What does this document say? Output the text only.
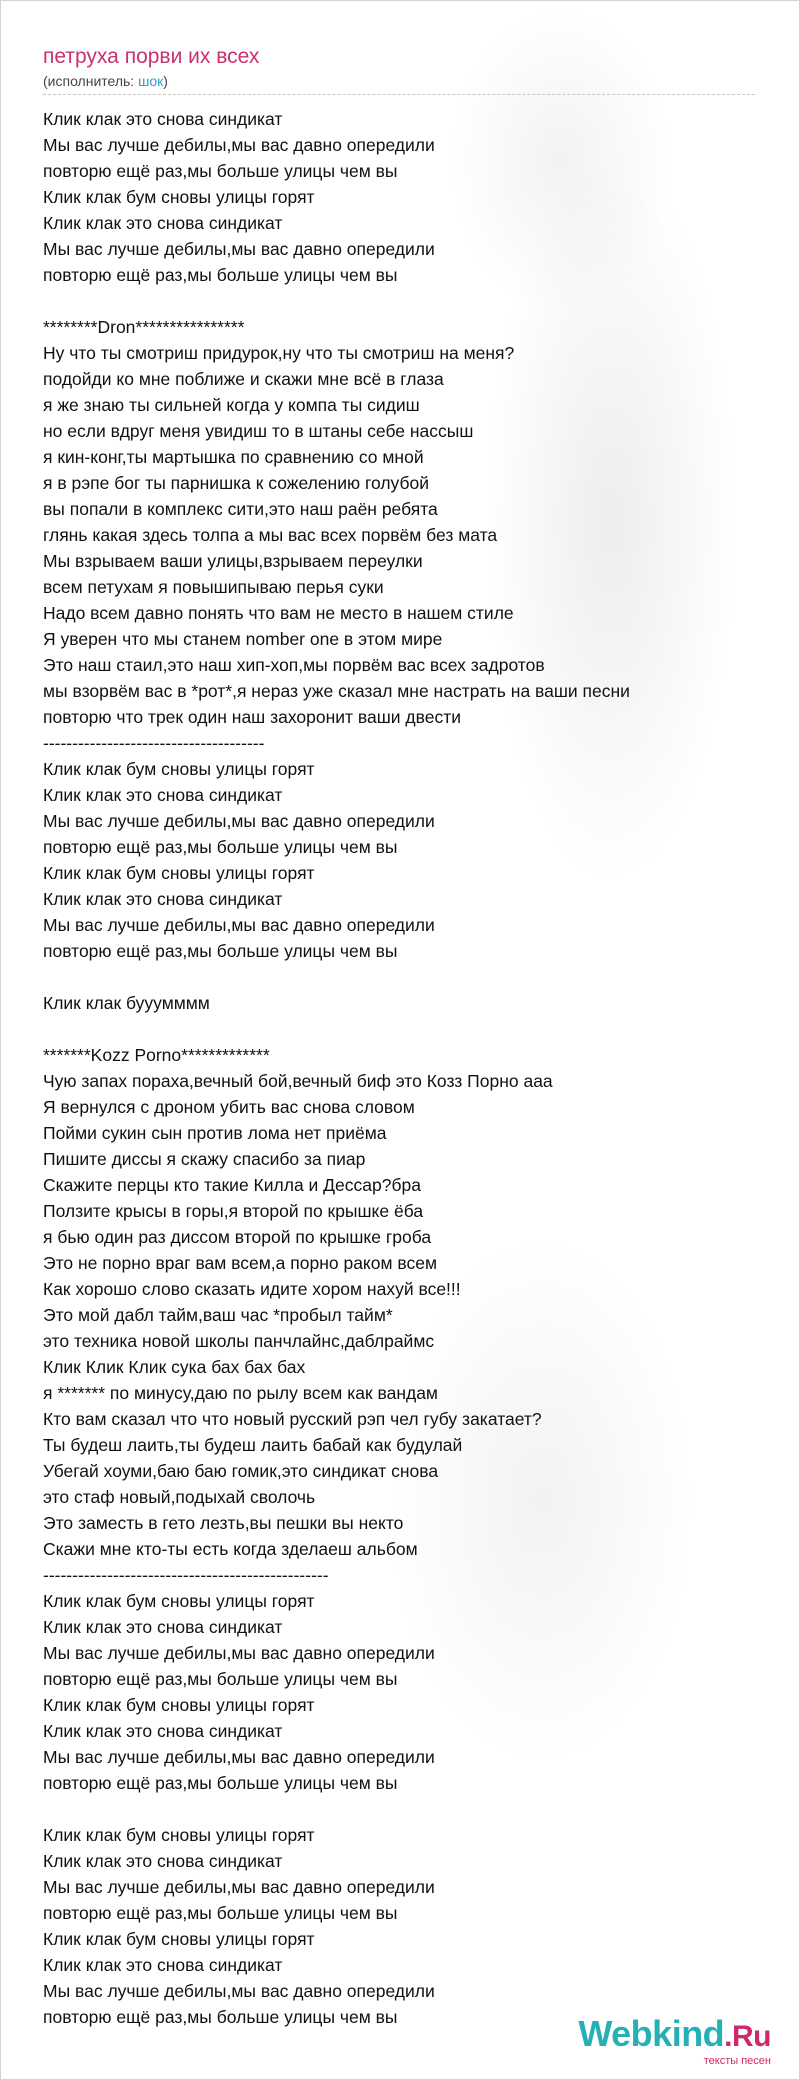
петруха порви их всех
(исполнитель: шок)
Клик клак это снова синдикат
Мы вас лучше дебилы,мы вас давно опередили
повторю ещё раз,мы больше улицы чем вы
Клик клак бум сновы улицы горят
Клик клак это снова синдикат
Мы вас лучше дебилы,мы вас давно опередили
повторю ещё раз,мы больше улицы чем вы
********Dron****************
Ну что ты смотриш придурок,ну что ты смотриш на меня?
подойди ко мне поближе и скажи мне всё в глаза
я же знаю ты сильней когда у компа ты сидиш
но если вдруг меня увидиш то в штаны себе нассыш
я кин-конг,ты мартышка по сравнению со мной
я в рэпе бог ты парнишка к сожелению голубой
вы попали в комплекс сити,это наш раён ребята
глянь какая здесь толпа а мы вас всех порвём без мата
Мы взрываем ваши улицы,взрываем переулки
всем петухам я повышипываю перья суки
Надо всем давно понять что вам не место в нашем стиле
Я уверен что мы станем nomber one в этом мире
Это наш стаил,это наш хип-хоп,мы порвём вас всех задротов
мы взорвём вас в *рот*,я нераз уже сказал мне настрать на ваши песни
повторю что трек один наш захоронит ваши двести
--------------------------------------
Клик клак бум сновы улицы горят
Клик клак это снова синдикат
Мы вас лучше дебилы,мы вас давно опередили
повторю ещё раз,мы больше улицы чем вы
Клик клак бум сновы улицы горят
Клик клак это снова синдикат
Мы вас лучше дебилы,мы вас давно опередили
повторю ещё раз,мы больше улицы чем вы
Клик клак бууумммм
*******Kozz Porno*************
Чую запах пораха,вечный бой,вечный биф это Козз Порно ааа
Я вернулся с дроном убить вас снова словом
Пойми сукин сын против лома нет приёма
Пишите диссы я скажу спасибо за пиар
Скажите перцы кто такие Килла и Дессар?бра
Ползите крысы в горы,я второй по крышке ёба
я бью один раз диссом второй по крышке гроба
Это не порно враг вам всем,а порно раком всем
Как хорошо слово сказать идите хором нахуй все!!!
Это мой дабл тайм,ваш час *пробыл тайм*
это техника новой школы панчлайнс,даблраймс
Клик Клик Клик сука бах бах бах
я ******* по минусу,даю по рылу всем как вандам
Кто вам сказал что что новый русский рэп чел губу закатает?
Ты будеш лаить,ты будеш лаить бабай как будулай
Убегай хоуми,баю баю гомик,это синдикат снова
это стаф новый,подыхай сволочь
Это заместь в гето лезть,вы пешки вы некто
Скажи мне кто-ты есть когда зделаеш альбом
-------------------------------------------------
Клик клак бум сновы улицы горят
Клик клак это снова синдикат
Мы вас лучше дебилы,мы вас давно опередили
повторю ещё раз,мы больше улицы чем вы
Клик клак бум сновы улицы горят
Клик клак это снова синдикат
Мы вас лучше дебилы,мы вас давно опередили
повторю ещё раз,мы больше улицы чем вы
Клик клак бум сновы улицы горят
Клик клак это снова синдикат
Мы вас лучше дебилы,мы вас давно опередили
повторю ещё раз,мы больше улицы чем вы
Клик клак бум сновы улицы горят
Клик клак это снова синдикат
Мы вас лучше дебилы,мы вас давно опередили
повторю ещё раз,мы больше улицы чем вы	Webkind.Ru
тексты песен
